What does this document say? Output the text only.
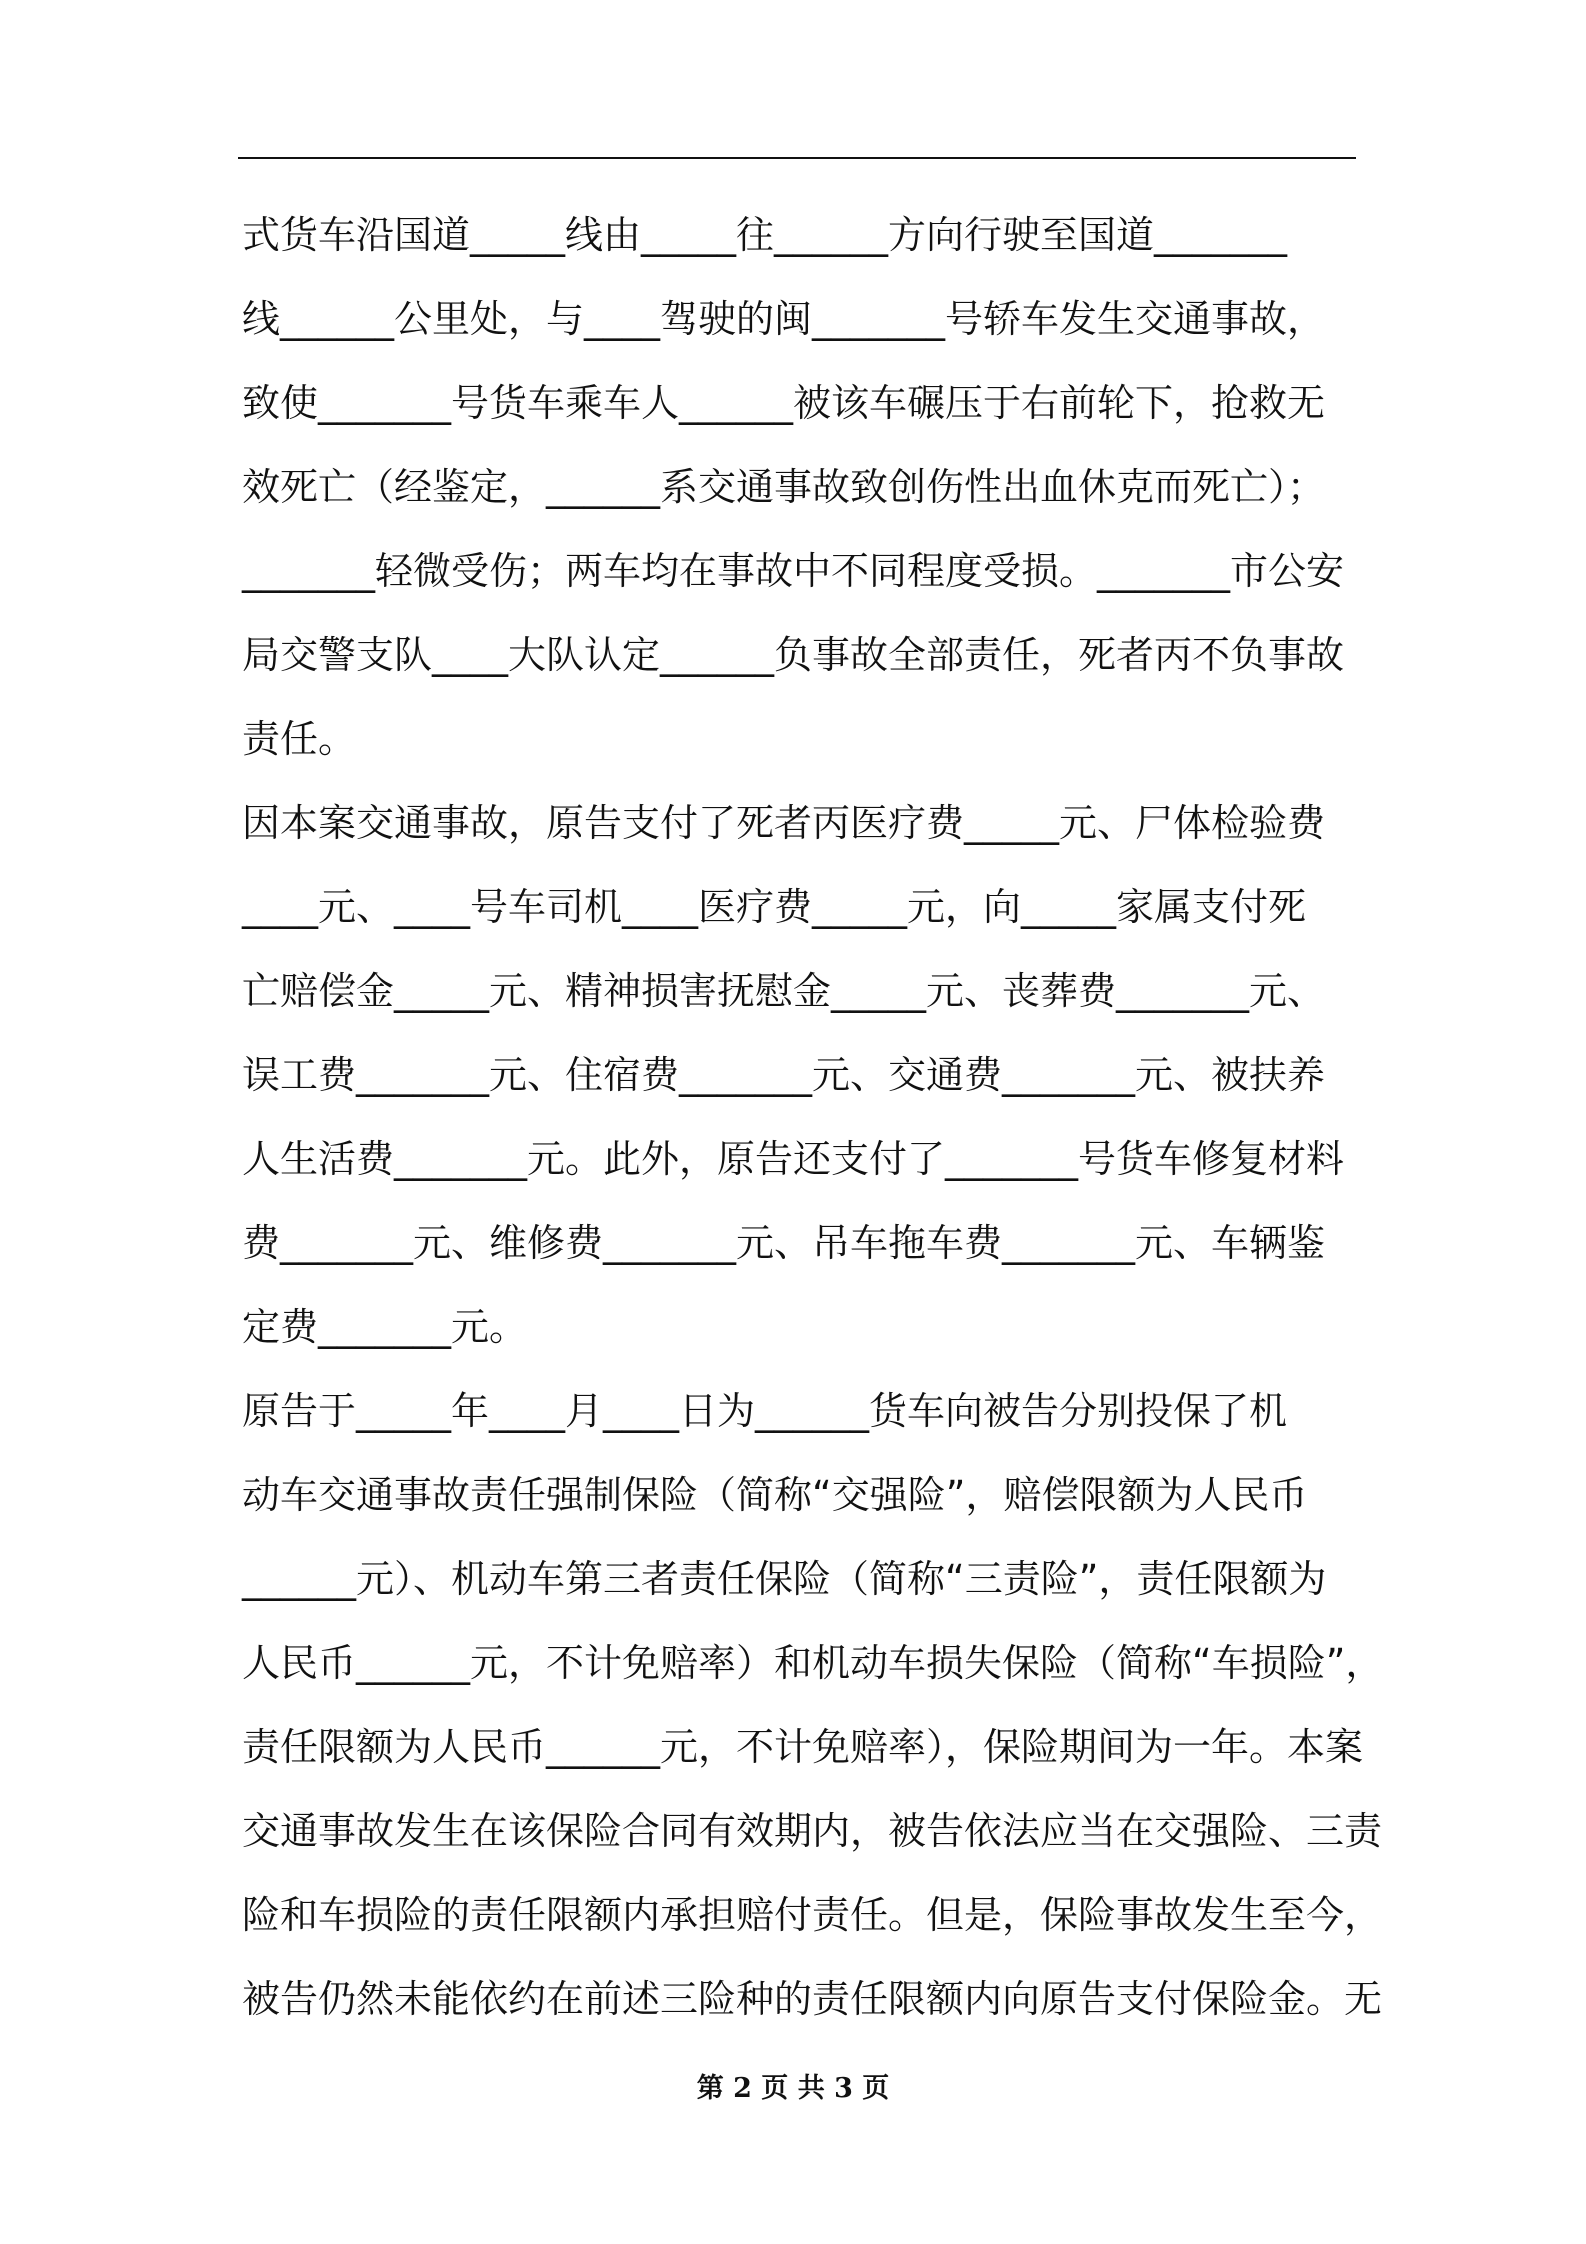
式货车沿国道_____线由_____往______方向行驶至国道_______
线______公里处，与____驾驶的闽_______号轿车发生交通事故，
致使_______号货车乘车人______被该车碾压于右前轮下，抢救无
效死亡（经鉴定，______系交通事故致创伤性出血休克而死亡）；
_______轻微受伤；两车均在事故中不同程度受损。_______市公安
局交警支队____大队认定______负事故全部责任，死者丙不负事故
责任。
因本案交通事故，原告支付了死者丙医疗费_____元、尸体检验费
____元、____号车司机____医疗费_____元，向_____家属支付死
亡赔偿金_____元、精神损害抚慰金_____元、丧葬费_______元、
误工费_______元、住宿费_______元、交通费_______元、被扶养
人生活费_______元。此外，原告还支付了_______号货车修复材料
费_______元、维修费_______元、吊车拖车费_______元、车辆鉴
定费_______元。
原告于_____年____月____日为______货车向被告分别投保了机
动车交通事故责任强制保险（简称“交强险”，赔偿限额为人民币
______元）、机动车第三者责任保险（简称“三责险”，责任限额为
人民币______元，不计免赔率）和机动车损失保险（简称“车损险”，
责任限额为人民币______元，不计免赔率），保险期间为一年。本案
交通事故发生在该保险合同有效期内，被告依法应当在交强险、三责
险和车损险的责任限额内承担赔付责任。但是，保险事故发生至今，
被告仍然未能依约在前述三险种的责任限额内向原告支付保险金。无
第 2 页 共 3 页
